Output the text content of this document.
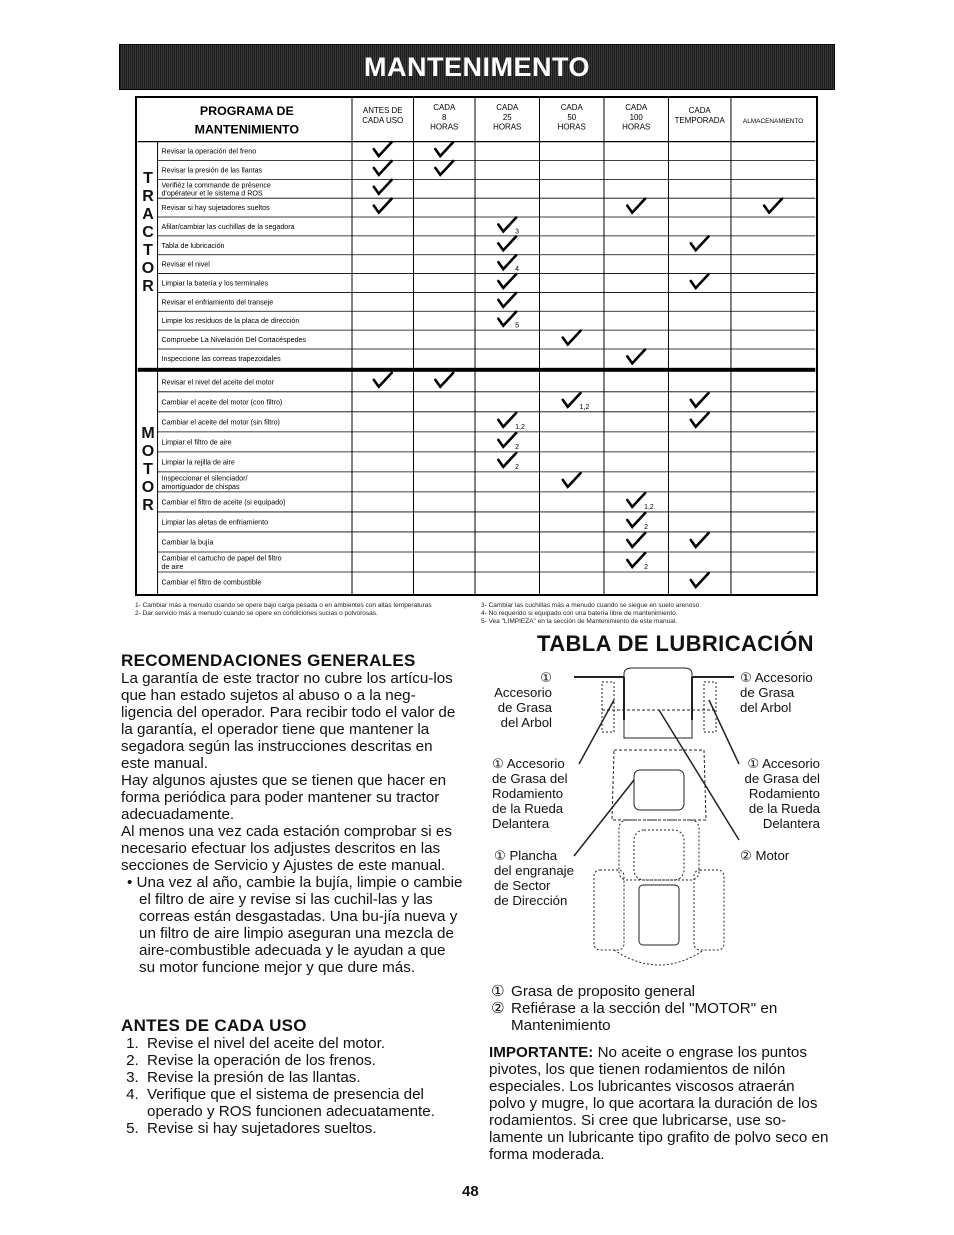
MANTENIMENTO
PROGRAMA DE
MANTENIMIENTO
ANTES DE
CADA USO
CADA
8
HORAS
CADA
25
HORAS
CADA
50
HORAS
CADA
100
HORAS
CADA
TEMPORADA	ALMACENAMIENTO
Revisar la operación del freno
Revisar la presión de las llantas
Verifiéz la commande de présence
d'opérateur et le sistema d ROS
Revisar si hay sujetadores sueltos
Afilar/cambiar las cuchillas de la segadora
3
Tabla de lubricación
Revisar el nivel
4
Limpiar la batería y los terminales
Revisar el enfriamiento del transeje
Limpie los residuos de la placa de dirección
5
Compruebe La Nivelación Del Cortacéspedes
Inspeccione las correas trapezoidales
Revisar el nivel del aceite del motor
Cambiar el aceite del motor (con filtro)
1,2
Cambiar el aceite del motor (sin filtro)
1,2
Limpiar el filtro de aire
2
Limpiar la rejilla de aire
2
Inspeccionar el silenciador/
amortiguador de chispas
Cambiar el filtro de aceite (si equipado)
1,2
Limpiar las aletas de enfriamiento
2
Cambiar la bujía
Cambiar el cartucho de papel del filtro
de aire	2
Cambiar el filtro de combustible
T
R
A
C
T
O
R
M
O
T
O
R
1- Cambiar más a menudo cuando se opere bajo carga pesada o en ambientes con altas temperaturas
2- Dar servicio más a menudo cuando se opere en condiciones sucias o polvorosas.
3- Cambiar las cuchillas más a menudo cuando se siegue en suelo arenoso.
4- No requerido si equipado con una batería libre de mantenimiento.
5- Vea "LIMPIEZA" en la sección de Mantenimiento de este manual.
RECOMENDACIONES GENERALES

La garantía de este tractor no cubre los artícu-los que han estado sujetos al abuso o a la neg-ligencia del operador. Para recibir todo el valor de la garantía, el operador tiene que mantener la segadora según las instrucciones descritas en este manual.

Hay algunos ajustes que se tienen que hacer en forma periódica para poder mantener su tractor adecuadamente.

Al menos una vez cada estación comprobar si es necesario efectuar los adjustes descritos en las secciones de Servicio y Ajustes de este manual.

• Una vez al año, cambie la bujía, limpie o cambie el filtro de aire y revise si las cuchil-las y las correas están desgastadas. Una bu-jía nueva y un filtro de aire limpio aseguran una mezcla de aire-combustible adecuada y le ayudan a que su motor funcione mejor y que dure más.

ANTES DE CADA USO
1. Revise el nivel del aceite del motor.
2. Revise la operación de los frenos.
3. Revise la presión de las llantas.
4. Verifique que el sistema de presencia del operado y ROS funcionen adecuatamente.
5. Revise si hay sujetadores sueltos.
TABLA DE LUBRICACIÓN
① Accesorio
de Grasa
del Arbol
① Accesorio
de Grasa
del Arbol
① Accesorio
de Grasa del
Rodamiento
de la Rueda
Delantera
① Accesorio
de Grasa del
Rodamiento
de la Rueda
Delantera
① Plancha
del engranaje
de Sector
de Dirección
② Motor
① Grasa de proposito general
② Refiérase a la sección del "MOTOR" en Mantenimiento
IMPORTANTE: No aceite o engrase los puntos pivotes, los que tienen rodamientos de nilón especiales. Los lubricantes viscosos atraerán polvo y mugre, lo que acortara la duración de los rodamientos. Si cree que lubricarse, use so-lamente un lubricante tipo grafito de polvo seco en forma moderada.
48
